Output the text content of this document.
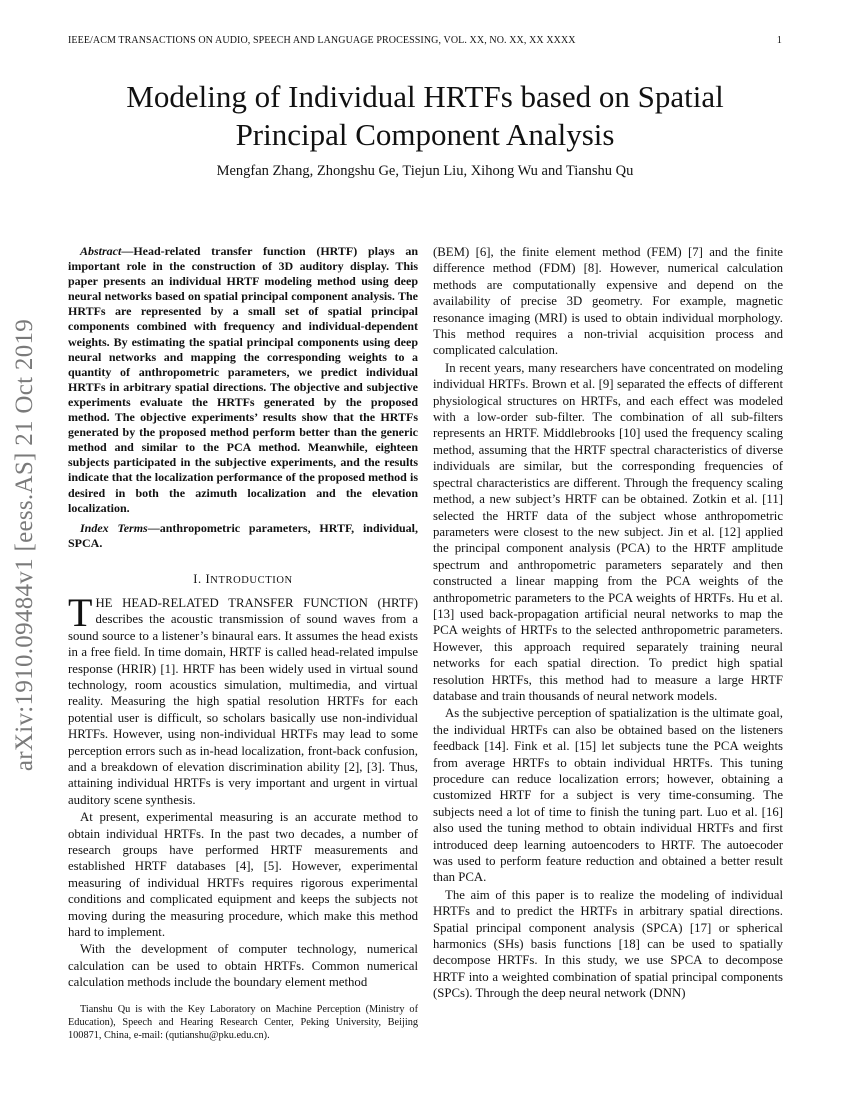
IEEE/ACM TRANSACTIONS ON AUDIO, SPEECH AND LANGUAGE PROCESSING, VOL. XX, NO. XX, XX XXXX	1
arXiv:1910.09484v1 [eess.AS] 21 Oct 2019
Modeling of Individual HRTFs based on Spatial
Principal Component Analysis
Mengfan Zhang, Zhongshu Ge, Tiejun Liu, Xihong Wu and Tianshu Qu

Abstract—Head-related transfer function (HRTF) plays an important role in the construction of 3D auditory display. This paper presents an individual HRTF modeling method using deep neural networks based on spatial principal component analysis. The HRTFs are represented by a small set of spatial principal components combined with frequency and individual-dependent weights. By estimating the spatial principal components using deep neural networks and mapping the corresponding weights to a quantity of anthropometric parameters, we predict individual HRTFs in arbitrary spatial directions. The objective and subjective experiments evaluate the HRTFs generated by the proposed method. The objective experiments’ results show that the HRTFs generated by the proposed method perform better than the generic method and similar to the PCA method. Meanwhile, eighteen subjects participated in the subjective experiments, and the results indicate that the localization performance of the proposed method is desired in both the azimuth localization and the elevation localization.

Index Terms—anthropometric parameters, HRTF, individual, SPCA.

I. INTRODUCTION

THE HEAD-RELATED TRANSFER FUNCTION (HRTF) describes the acoustic transmission of sound waves from a sound source to a listener’s binaural ears. It assumes the head exists in a free field. In time domain, HRTF is called head-related impulse response (HRIR) [1]. HRTF has been widely used in virtual sound technology, room acoustics simulation, multimedia, and virtual reality. Measuring the high spatial resolution HRTFs for each potential user is difficult, so scholars basically use non-individual HRTFs. However, using non-individual HRTFs may lead to some perception errors such as in-head localization, front-back confusion, and a breakdown of elevation discrimination ability [2], [3]. Thus, attaining individual HRTFs is very important and urgent in virtual auditory scene synthesis.

At present, experimental measuring is an accurate method to obtain individual HRTFs. In the past two decades, a number of research groups have performed HRTF measurements and established HRTF databases [4], [5]. However, experimental measuring of individual HRTFs requires rigorous experimental conditions and complicated equipment and keeps the subjects not moving during the measuring procedure, which make this method hard to implement.

With the development of computer technology, numerical calculation can be used to obtain HRTFs. Common numerical calculation methods include the boundary element method

(BEM) [6], the finite element method (FEM) [7] and the finite difference method (FDM) [8]. However, numerical calculation methods are computationally expensive and depend on the availability of precise 3D geometry. For example, magnetic resonance imaging (MRI) is used to obtain individual morphology. This method requires a non-trivial acquisition process and complicated calculation.

In recent years, many researchers have concentrated on modeling individual HRTFs. Brown et al. [9] separated the effects of different physiological structures on HRTFs, and each effect was modeled with a low-order sub-filter. The combination of all sub-filters represents an HRTF. Middlebrooks [10] used the frequency scaling method, assuming that the HRTF spectral characteristics of diverse individuals are similar, but the corresponding frequencies of spectral characteristics are different. Through the frequency scaling method, a new subject’s HRTF can be obtained. Zotkin et al. [11] selected the HRTF data of the subject whose anthropometric parameters were closest to the new subject. Jin et al. [12] applied the principal component analysis (PCA) to the HRTF amplitude spectrum and anthropometric parameters separately and then constructed a linear mapping from the PCA weights of the anthropometric parameters to the PCA weights of HRTFs. Hu et al. [13] used back-propagation artificial neural networks to map the PCA weights of HRTFs to the selected anthropometric parameters. However, this approach required separately training neural networks for each spatial direction. To predict high spatial resolution HRTFs, this method had to measure a large HRTF database and train thousands of neural network models.

As the subjective perception of spatialization is the ultimate goal, the individual HRTFs can also be obtained based on the listeners feedback [14]. Fink et al. [15] let subjects tune the PCA weights from average HRTFs to obtain individual HRTFs. This tuning procedure can reduce localization errors; however, obtaining a customized HRTF for a subject is very time-consuming. The subjects need a lot of time to finish the tuning part. Luo et al. [16] also used the tuning method to obtain individual HRTFs and first introduced deep learning autoencoders to HRTF. The autoecoder was used to perform feature reduction and obtained a better result than PCA.

The aim of this paper is to realize the modeling of individual HRTFs and to predict the HRTFs in arbitrary spatial directions. Spatial principal component analysis (SPCA) [17] or spherical harmonics (SHs) basis functions [18] can be used to spatially decompose HRTFs. In this study, we use SPCA to decompose HRTF into a weighted combination of spatial principal components (SPCs). Through the deep neural network (DNN)

Tianshu Qu is with the Key Laboratory on Machine Perception (Ministry of Education), Speech and Hearing Research Center, Peking University, Beijing 100871, China, e-mail: (qutianshu@pku.edu.cn).
